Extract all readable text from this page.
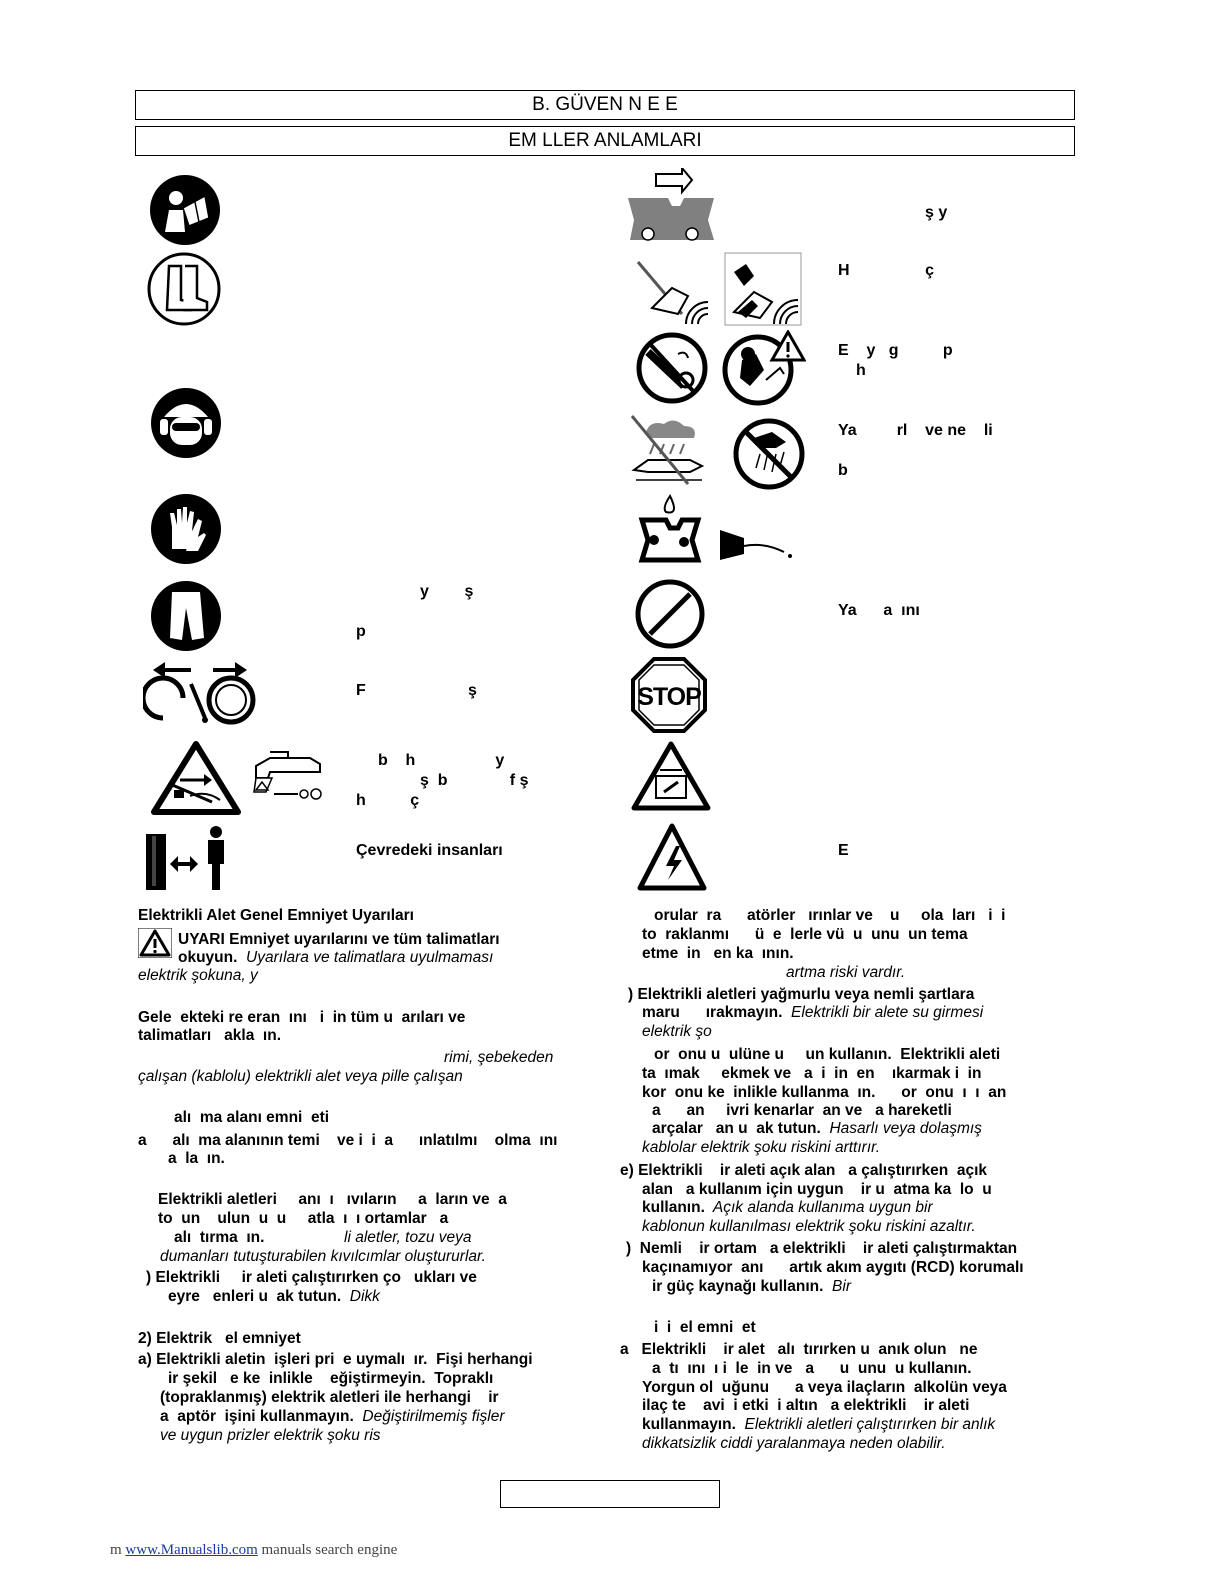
B. GÜVEN N E E
EM LLER ANLAMLARI
STOP
ş y
H                 ç
E    y   g          p
h
Ya         rl    ve ne    li
b
Ya      a  ını
E
y        ş
p
F                       ş
b    h                  y
ş  b              f ş
h          ç
Çevredeki insanları
Elektrikli Alet Genel Emniyet Uyarıları
UYARI Emniyet uyarılarını ve tüm talimatları
okuyun.  Uyarılara ve talimatlara uyulmaması
elektrik şokuna, y
Gele  ekteki re eran  ını   i  in tüm u  arıları ve
talimatları   akla  ın.
rimi, şebekeden
çalışan (kablolu) elektrikli alet veya pille çalışan
alı  ma alanı emni  eti
a      alı  ma alanının temi    ve i  i  a      ınlatılmı    olma  ını
a  la  ın.
Elektrikli aletleri     anı  ı   ıvıların     a  ların ve  a
to  un    ulun  u  u     atla  ı  ı ortamlar   a
alı  tırma  ın.	li aletler, tozu veya
dumanları tutuşturabilen kıvılcımlar oluştururlar.
) Elektrikli     ir aleti çalıştırırken ço   ukları ve
eyre   enleri u  ak tutun.  Dikk
2) Elektrik   el emniyet
a) Elektrikli aletin  işleri pri  e uymalı  ır.  Fişi herhangi
ir şekil   e ke  inlikle    eğiştirmeyin.  Topraklı
(topraklanmış) elektrik aletleri ile herhangi    ir
a  aptör  işini kullanmayın.  Değiştirilmemiş fişler
ve uygun prizler elektrik şoku ris
orular  ra      atörler   ırınlar ve    u     ola  ları   i  i
to  raklanmı      ü  e  lerle vü  u  unu  un tema
etme  in   en ka  ının.
artma riski vardır.
) Elektrikli aletleri yağmurlu veya nemli şartlara
maru      ırakmayın.  Elektrikli bir alete su girmesi
elektrik şo
or  onu u  ulüne u     un kullanın.  Elektrikli aleti
ta  ımak     ekmek ve   a  i  in  en    ıkarmak i  in
kor  onu ke  inlikle kullanma  ın.      or  onu  ı  ı  an
a      an     ivri kenarlar  an ve   a hareketli
arçalar   an u  ak tutun.  Hasarlı veya dolaşmış
kablolar elektrik şoku riskini arttırır.
e) Elektrikli    ir aleti açık alan   a çalıştırırken  açık
alan   a kullanım için uygun    ir u  atma ka  lo  u
kullanın.  Açık alanda kullanıma uygun bir
kablonun kullanılması elektrik şoku riskini azaltır.
)  Nemli    ir ortam   a elektrikli    ir aleti çalıştırmaktan
kaçınamıyor  anı      artık akım aygıtı (RCD) korumalı
ir güç kaynağı kullanın.  Bir
i  i  el emni  et
a   Elektrikli    ir alet   alı  tırırken u  anık olun   ne
a  tı  ını  ı i  le  in ve   a      u  unu  u kullanın.
Yorgun ol  uğunu      a veya ilaçların  alkolün veya
ilaç te    avi  i etki  i altın   a elektrikli    ir aleti
kullanmayın.  Elektrikli aletleri çalıştırırken bir anlık
dikkatsizlik ciddi yaralanmaya neden olabilir.
m www.Manualslib.com manuals search engine
